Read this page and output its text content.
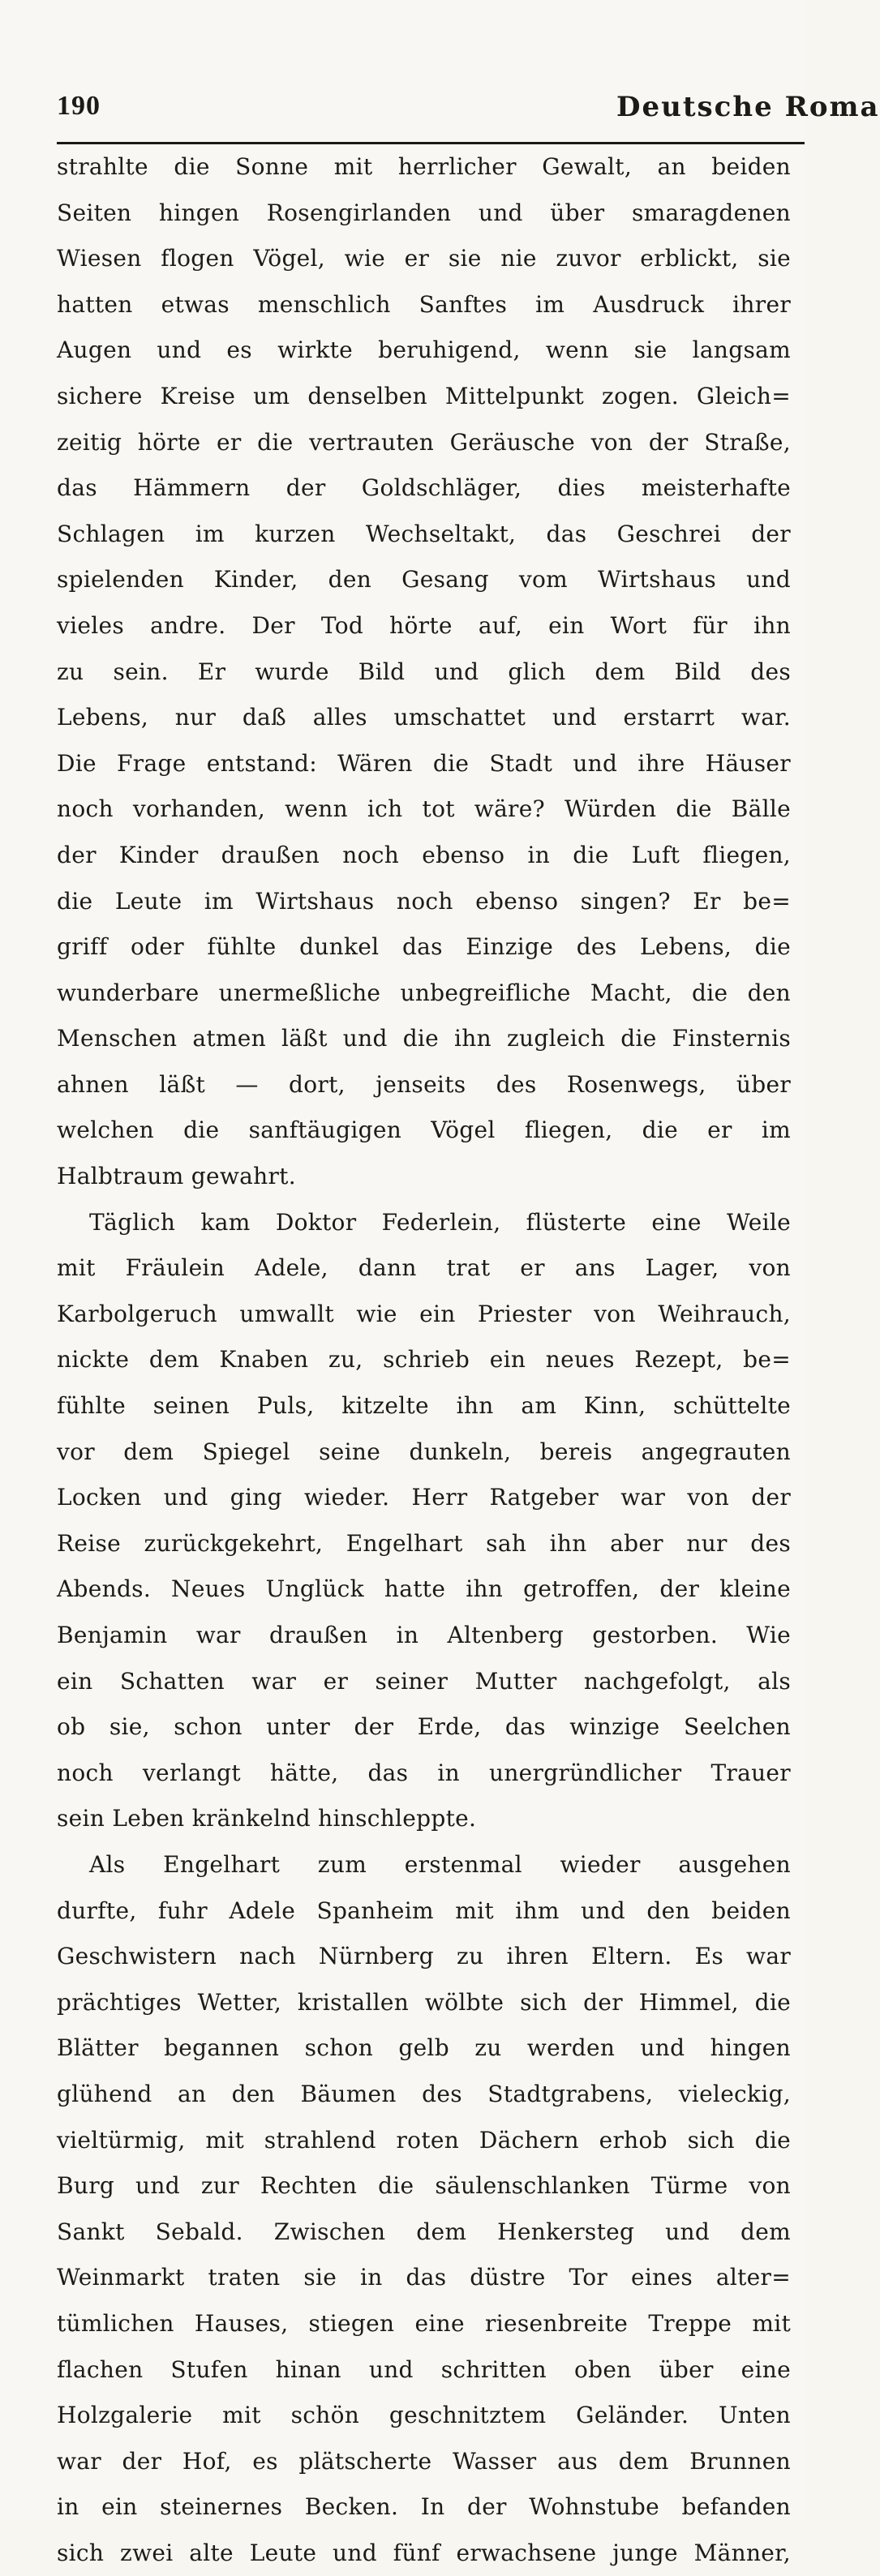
190	Deutsche Roma
strahlte die Sonne mit herrlicher Gewalt, an beiden
Seiten hingen Rosengirlanden und über smaragdenen
Wiesen flogen Vögel, wie er sie nie zuvor erblickt, sie
hatten etwas menschlich Sanftes im Ausdruck ihrer
Augen und es wirkte beruhigend, wenn sie langsam
sichere Kreise um denselben Mittelpunkt zogen. Gleich=
zeitig hörte er die vertrauten Geräusche von der Straße,
das Hämmern der Goldschläger, dies meisterhafte
Schlagen im kurzen Wechseltakt, das Geschrei der
spielenden Kinder, den Gesang vom Wirtshaus und
vieles andre. Der Tod hörte auf, ein Wort für ihn
zu sein. Er wurde Bild und glich dem Bild des
Lebens, nur daß alles umschattet und erstarrt war.
Die Frage entstand: Wären die Stadt und ihre Häuser
noch vorhanden, wenn ich tot wäre? Würden die Bälle
der Kinder draußen noch ebenso in die Luft fliegen,
die Leute im Wirtshaus noch ebenso singen? Er be=
griff oder fühlte dunkel das Einzige des Lebens, die
wunderbare unermeßliche unbegreifliche Macht, die den
Menschen atmen läßt und die ihn zugleich die Finsternis
ahnen läßt — dort, jenseits des Rosenwegs, über
welchen die sanftäugigen Vögel fliegen, die er im
Halbtraum gewahrt.
Täglich kam Doktor Federlein, flüsterte eine Weile
mit Fräulein Adele, dann trat er ans Lager, von
Karbolgeruch umwallt wie ein Priester von Weihrauch,
nickte dem Knaben zu, schrieb ein neues Rezept, be=
fühlte seinen Puls, kitzelte ihn am Kinn, schüttelte
vor dem Spiegel seine dunkeln, bereis angegrauten
Locken und ging wieder. Herr Ratgeber war von der
Reise zurückgekehrt, Engelhart sah ihn aber nur des
Abends. Neues Unglück hatte ihn getroffen, der kleine
Benjamin war draußen in Altenberg gestorben. Wie
ein Schatten war er seiner Mutter nachgefolgt, als
ob sie, schon unter der Erde, das winzige Seelchen
noch verlangt hätte, das in unergründlicher Trauer
sein Leben kränkelnd hinschleppte.
Als Engelhart zum erstenmal wieder ausgehen
durfte, fuhr Adele Spanheim mit ihm und den beiden
Geschwistern nach Nürnberg zu ihren Eltern. Es war
prächtiges Wetter, kristallen wölbte sich der Himmel, die
Blätter begannen schon gelb zu werden und hingen
glühend an den Bäumen des Stadtgrabens, vieleckig,
vieltürmig, mit strahlend roten Dächern erhob sich die
Burg und zur Rechten die säulenschlanken Türme von
Sankt Sebald. Zwischen dem Henkersteg und dem
Weinmarkt traten sie in das düstre Tor eines alter=
tümlichen Hauses, stiegen eine riesenbreite Treppe mit
flachen Stufen hinan und schritten oben über eine
Holzgalerie mit schön geschnitztem Geländer. Unten
war der Hof, es plätscherte Wasser aus dem Brunnen
in ein steinernes Becken. In der Wohnstube befanden
sich zwei alte Leute und fünf erwachsene junge Männer,
